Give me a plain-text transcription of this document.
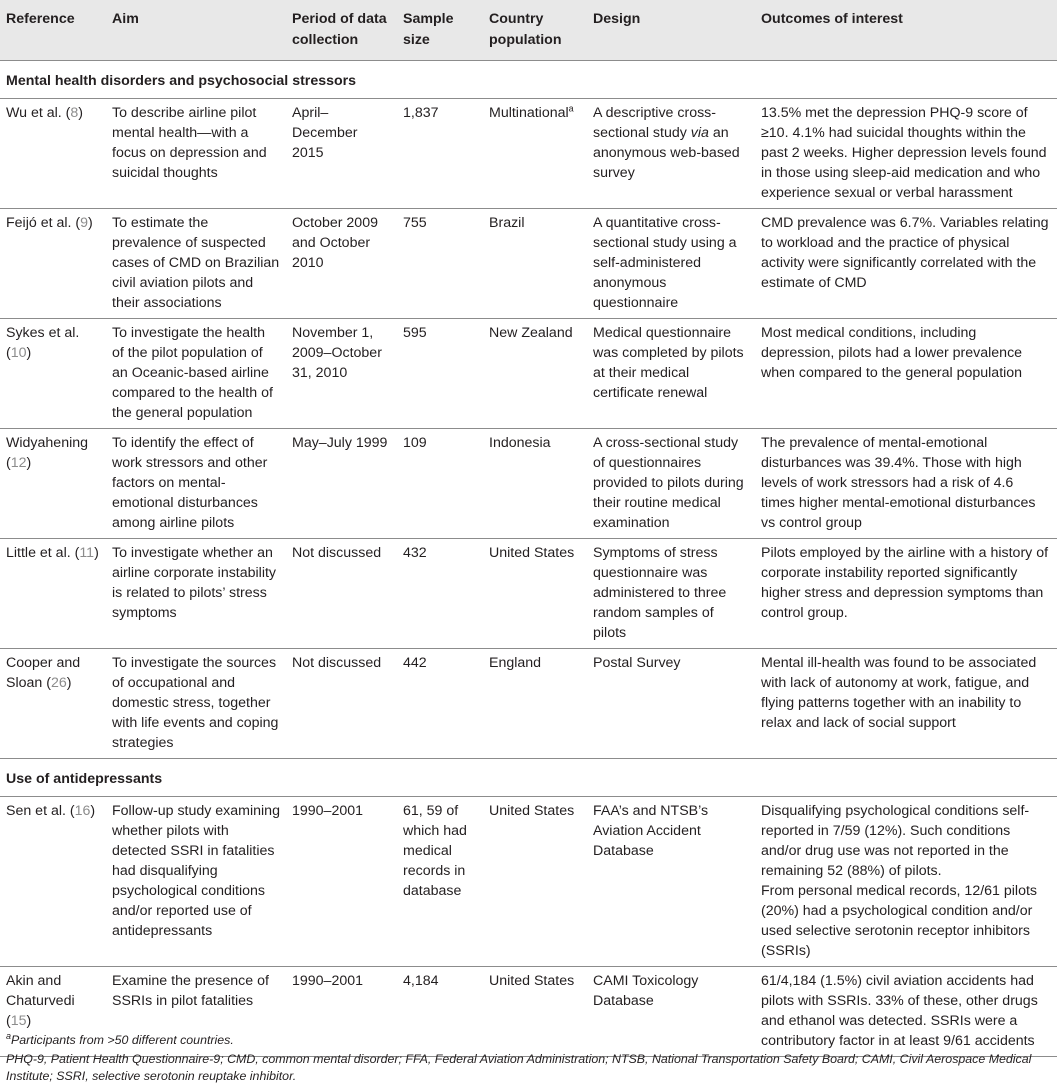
Reference	Aim	Period of data collection	Sample size	Country population	Design	Outcomes of interest
Mental health disorders and psychosocial stressors						
Wu et al. (8)	To describe airline pilot mental health—with a focus on depression and suicidal thoughts	April– December 2015	1,837	Multinational$^a$	A descriptive cross-sectional study via an anonymous web-based survey	13.5% met the depression PHQ-9 score of ≥10. 4.1% had suicidal thoughts within the past 2 weeks. Higher depression levels found in those using sleep-aid medication and who experience sexual or verbal harassment
Feijó et al. (9)	To estimate the prevalence of suspected cases of CMD on Brazilian civil aviation pilots and their associations	October 2009 and October 2010	755	Brazil	A quantitative cross-sectional study using a self-administered anonymous questionnaire	CMD prevalence was 6.7%. Variables relating to workload and the practice of physical activity were significantly correlated with the estimate of CMD
Sykes et al. (10)	To investigate the health of the pilot population of an Oceanic-based airline compared to the health of the general population	November 1, 2009–October 31, 2010	595	New Zealand	Medical questionnaire was completed by pilots at their medical certificate renewal	Most medical conditions, including depression, pilots had a lower prevalence when compared to the general population
Widyahening (12)	To identify the effect of work stressors and other factors on mental-emotional disturbances among airline pilots	May–July 1999	109	Indonesia	A cross-sectional study of questionnaires provided to pilots during their routine medical examination	The prevalence of mental-emotional disturbances was 39.4%. Those with high levels of work stressors had a risk of 4.6 times higher mental-emotional disturbances vs control group
Little et al. (11)	To investigate whether an airline corporate instability is related to pilots’ stress symptoms	Not discussed	432	United States	Symptoms of stress questionnaire was administered to three random samples of pilots	Pilots employed by the airline with a history of corporate instability reported significantly higher stress and depression symptoms than control group.
Cooper and Sloan (26)	To investigate the sources of occupational and domestic stress, together with life events and coping strategies	Not discussed	442	England	Postal Survey	Mental ill-health was found to be associated with lack of autonomy at work, fatigue, and flying patterns together with an inability to relax and lack of social support
Use of antidepressants						
Sen et al. (16)	Follow-up study examining whether pilots with detected SSRI in fatalities had disqualifying psychological conditions and/or reported use of antidepressants	1990–2001	61, 59 of which had medical records in database	United States	FAA’s and NTSB’s Aviation Accident Database	Disqualifying psychological conditions self-reported in 7/59 (12%). Such conditions and/or drug use was not reported in the remaining 52 (88%) of pilots.
From personal medical records, 12/61 pilots (20%) had a psychological condition and/or used selective serotonin receptor inhibitors (SSRIs)

Akin and Chaturvedi (15)	Examine the presence of SSRIs in pilot fatalities	1990–2001	4,184	United States	CAMI Toxicology Database	61/4,184 (1.5%) civil aviation accidents had pilots with SSRIs. 33% of these, other drugs and ethanol was detected. SSRIs were a contributory factor in at least 9/61 accidents

$^a$Participants from >50 different countries.

PHQ-9, Patient Health Questionnaire-9; CMD, common mental disorder; FFA, Federal Aviation Administration; NTSB, National Transportation Safety Board; CAMI, Civil Aerospace Medical Institute; SSRI, selective serotonin reuptake inhibitor.
